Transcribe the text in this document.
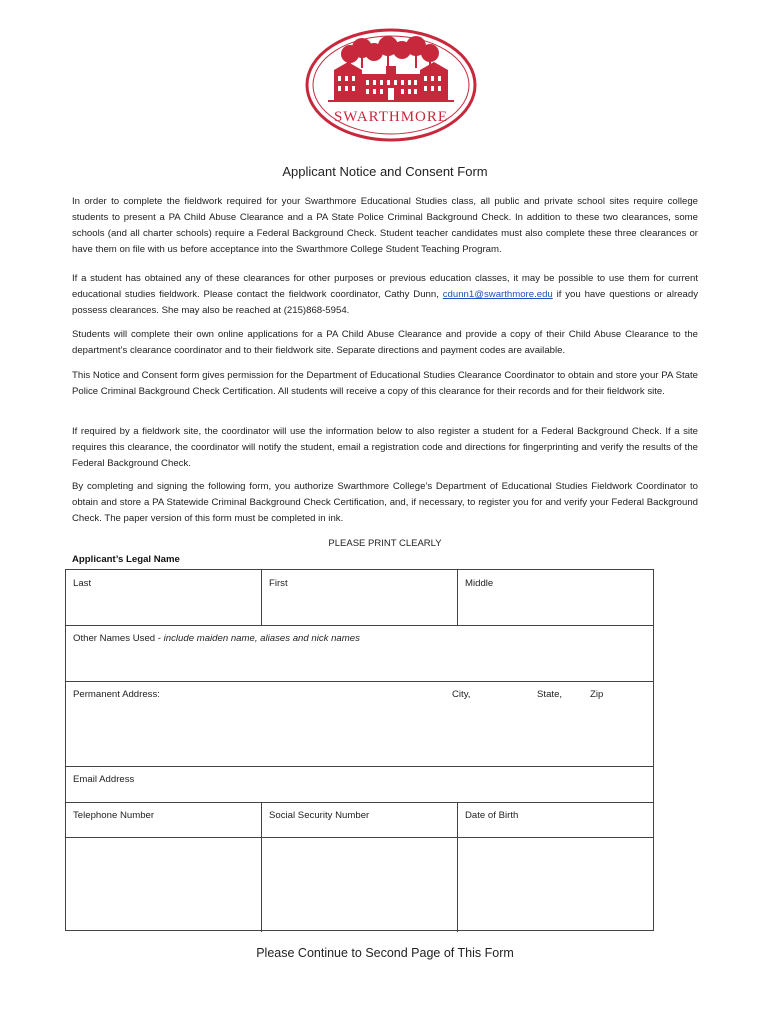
SWARTHMORE
Applicant Notice and Consent Form

In order to complete the fieldwork required for your Swarthmore Educational Studies class, all public and private school sites require college students to present a PA Child Abuse Clearance and a PA State Police Criminal Background Check. In addition to these two clearances, some schools (and all charter schools) require a Federal Background Check. Student teacher candidates must also complete these three clearances or have them on file with us before acceptance into the Swarthmore College Student Teaching Program.

If a student has obtained any of these clearances for other purposes or previous education classes, it may be possible to use them for current educational studies fieldwork. Please contact the fieldwork coordinator, Cathy Dunn, cdunn1@swarthmore.edu if you have questions or already possess clearances. She may also be reached at (215)868-5954.

Students will complete their own online applications for a PA Child Abuse Clearance and provide a copy of their Child Abuse Clearance to the department’s clearance coordinator and to their fieldwork site. Separate directions and payment codes are available.

This Notice and Consent form gives permission for the Department of Educational Studies Clearance Coordinator to obtain and store your PA State Police Criminal Background Check Certification. All students will receive a copy of this clearance for their records and for their fieldwork site.

If required by a fieldwork site, the coordinator will use the information below to also register a student for a Federal Background Check. If a site requires this clearance, the coordinator will notify the student, email a registration code and directions for fingerprinting and verify the results of the Federal Background Check.

By completing and signing the following form, you authorize Swarthmore College’s Department of Educational Studies Fieldwork Coordinator to obtain and store a PA Statewide Criminal Background Check Certification, and, if necessary, to register you for and verify your Federal Background Check. The paper version of this form must be completed in ink.

PLEASE PRINT CLEARLY
Applicant’s Legal Name
Last	First	Middle
Other Names Used - include maiden name, aliases and nick names
Permanent Address:	City,	State,	Zip
Email Address
Telephone Number	Social Security Number	Date of Birth
Please Continue to Second Page of This Form
